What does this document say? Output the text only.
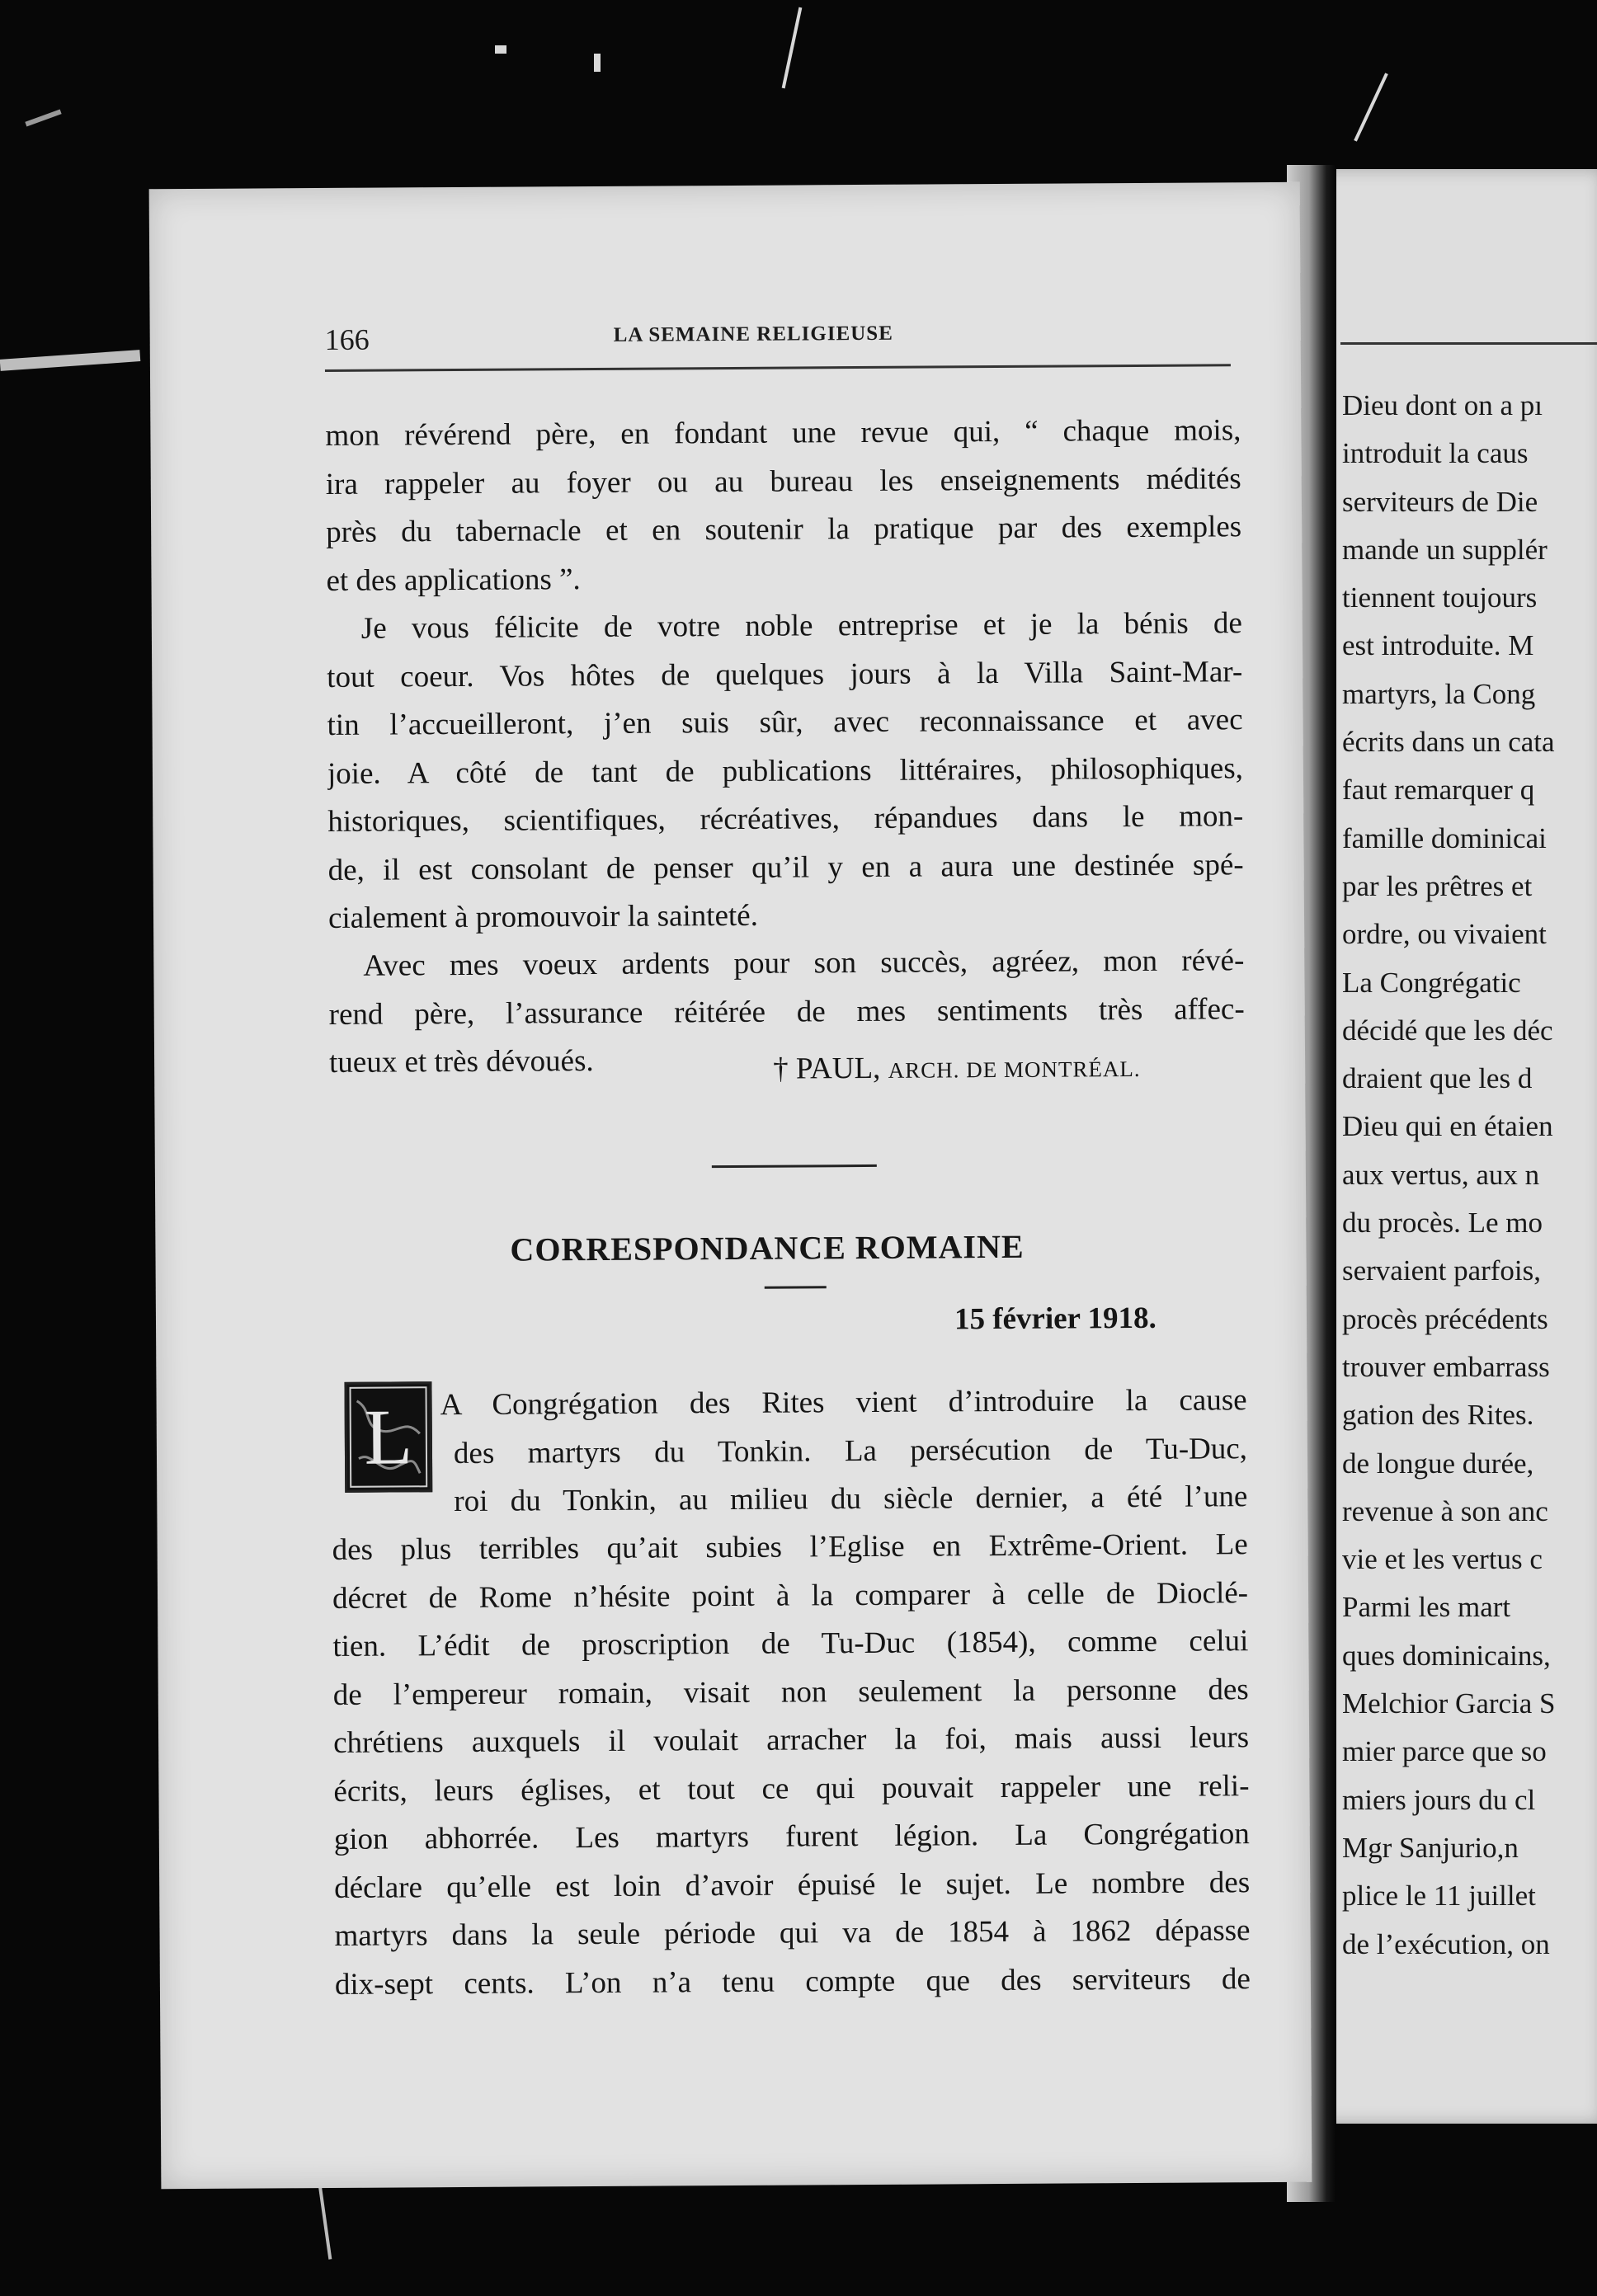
Dieu dont on a pı
introduit la caus
serviteurs de Die
mande un supplér
tiennent toujours
est introduite. M
martyrs, la Cong
écrits dans un cata
faut remarquer q
famille dominicai
par les prêtres et
ordre, ou vivaient
La Congrégatic
décidé que les déc
draient que les d
Dieu qui en étaien
aux vertus, aux n
du procès. Le mo
servaient parfois,
procès précédents
trouver embarrass
gation des Rites.
de longue durée,
revenue à son anc
vie et les vertus c
Parmi les mart
ques dominicains,
Melchior Garcia S
mier parce que so
miers jours du cl
Mgr Sanjurio,n
plice le 11 juillet
de l’exécution, on
166	LA SEMAINE RELIGIEUSE
mon révérend père, en fondant une revue qui, “ chaque mois,
ira rappeler au foyer ou au bureau les enseignements médités
près du tabernacle et en soutenir la pratique par des exemples
et des applications ”.
Je vous félicite de votre noble entreprise et je la bénis de
tout coeur. Vos hôtes de quelques jours à la Villa Saint-Mar-
tin l’accueilleront, j’en suis sûr, avec reconnaissance et avec
joie. A côté de tant de publications littéraires, philosophiques,
historiques, scientifiques, récréatives, répandues dans le mon-
de, il est consolant de penser qu’il y en a aura une destinée spé-
cialement à promouvoir la sainteté.
Avec mes voeux ardents pour son succès, agréez, mon révé-
rend père, l’assurance réitérée de mes sentiments très affec-
tueux et très dévoués.	† PAUL, ARCH. DE MONTRÉAL.
CORRESPONDANCE ROMAINE
15 février 1918.
L A Congrégation des Rites vient d’introduire la cause
des martyrs du Tonkin. La persécution de Tu-Duc,
roi du Tonkin, au milieu du siècle dernier, a été l’une
des plus terribles qu’ait subies l’Eglise en Extrême-Orient. Le
décret de Rome n’hésite point à la comparer à celle de Dioclé-
tien. L’édit de proscription de Tu-Duc (1854), comme celui
de l’empereur romain, visait non seulement la personne des
chrétiens auxquels il voulait arracher la foi, mais aussi leurs
écrits, leurs églises, et tout ce qui pouvait rappeler une reli-
gion abhorrée. Les martyrs furent légion. La Congrégation
déclare qu’elle est loin d’avoir épuisé le sujet. Le nombre des
martyrs dans la seule période qui va de 1854 à 1862 dépasse
dix-sept cents. L’on n’a tenu compte que des serviteurs de
